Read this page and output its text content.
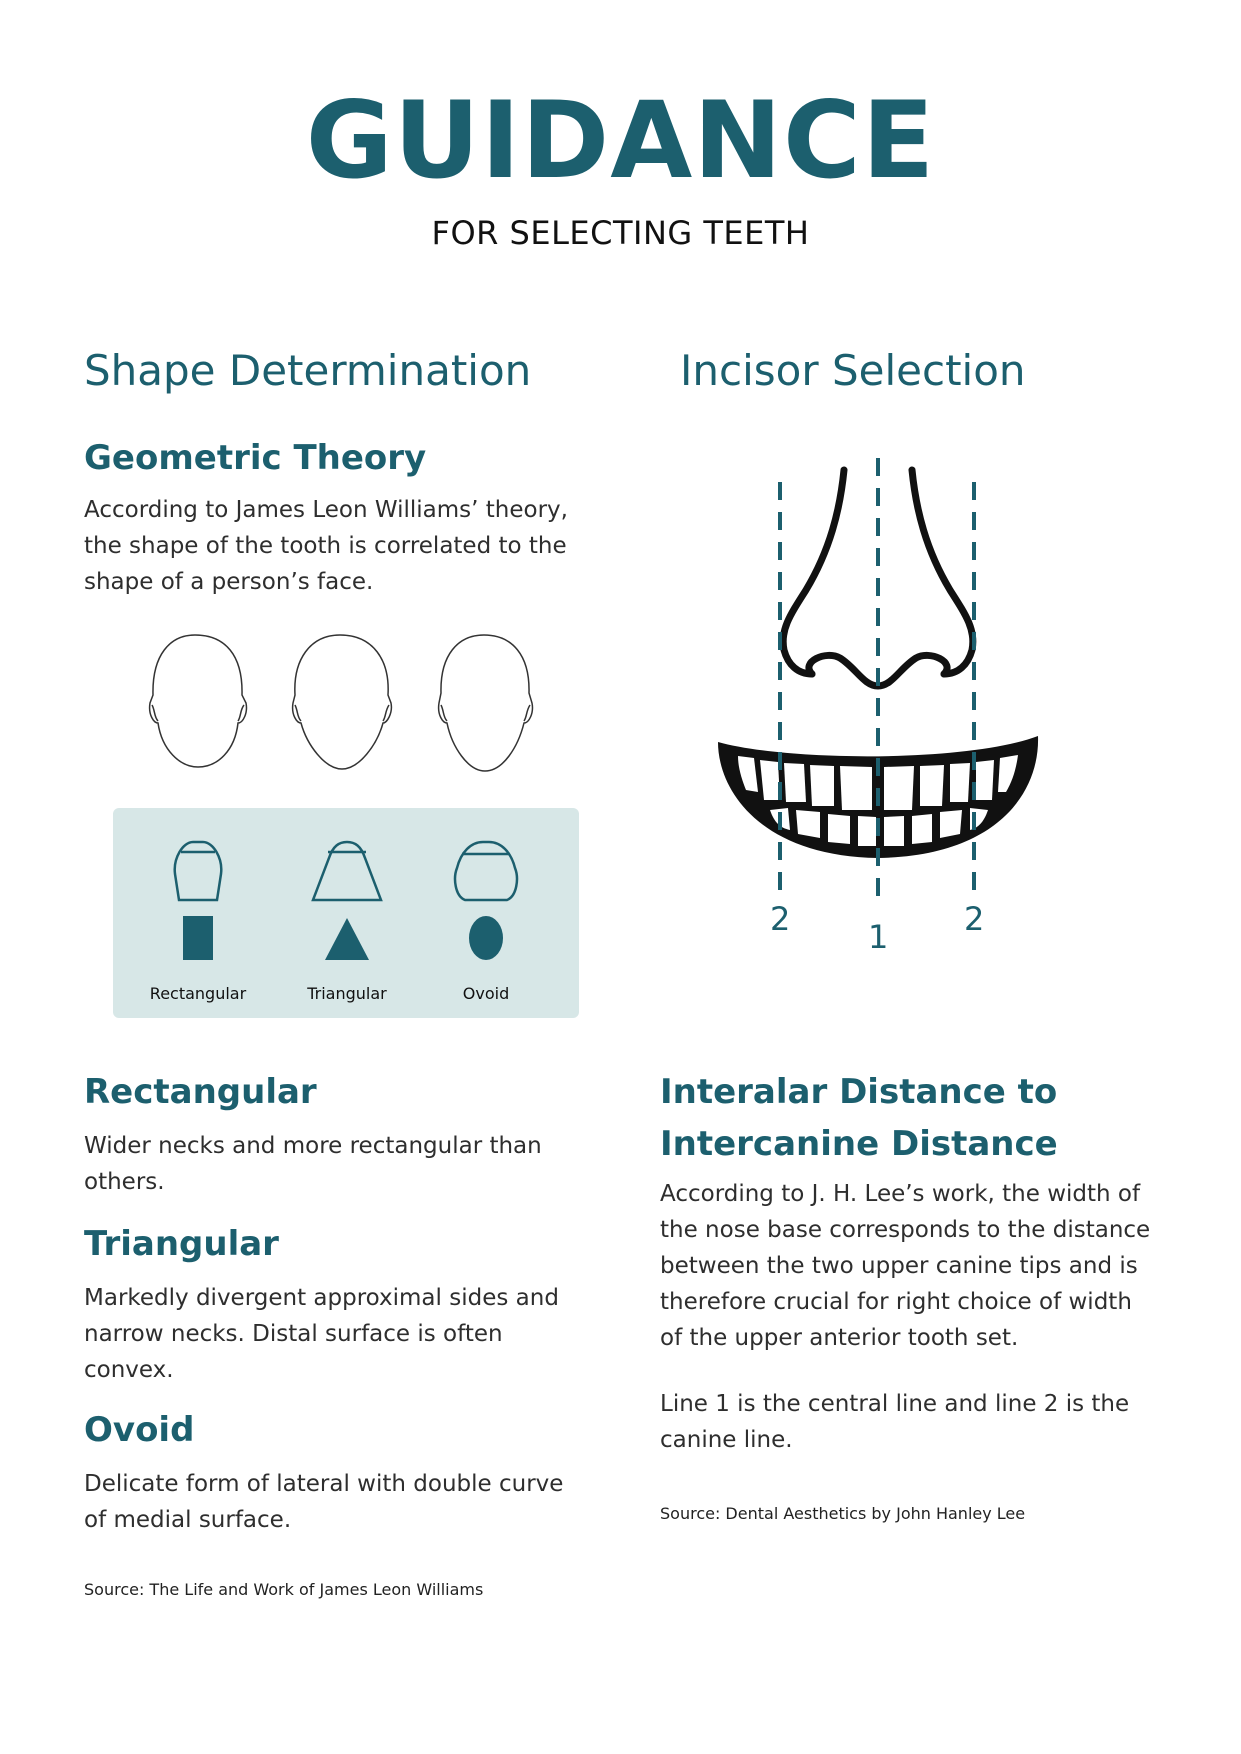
GUIDANCE
FOR SELECTING TEETH
Shape Determination
Geometric Theory
According to James Leon Williams’ theory, the shape of the tooth is correlated to the shape of a person’s face.
Rectangular	Triangular	Ovoid
Rectangular
Wider necks and more rectangular than others.
Triangular
Markedly divergent approximal sides and narrow necks. Distal surface is often convex.
Ovoid
Delicate form of lateral with double curve of medial surface.
Source: The Life and Work of James Leon Williams
Incisor Selection
2 1 2
Interalar Distance to
Intercanine Distance
According to J. H. Lee’s work, the width of the nose base corresponds to the distance between the two upper canine tips and is therefore crucial for right choice of width of the upper anterior tooth set.
Line 1 is the central line and line 2 is the canine line.
Source: Dental Aesthetics by John Hanley Lee
